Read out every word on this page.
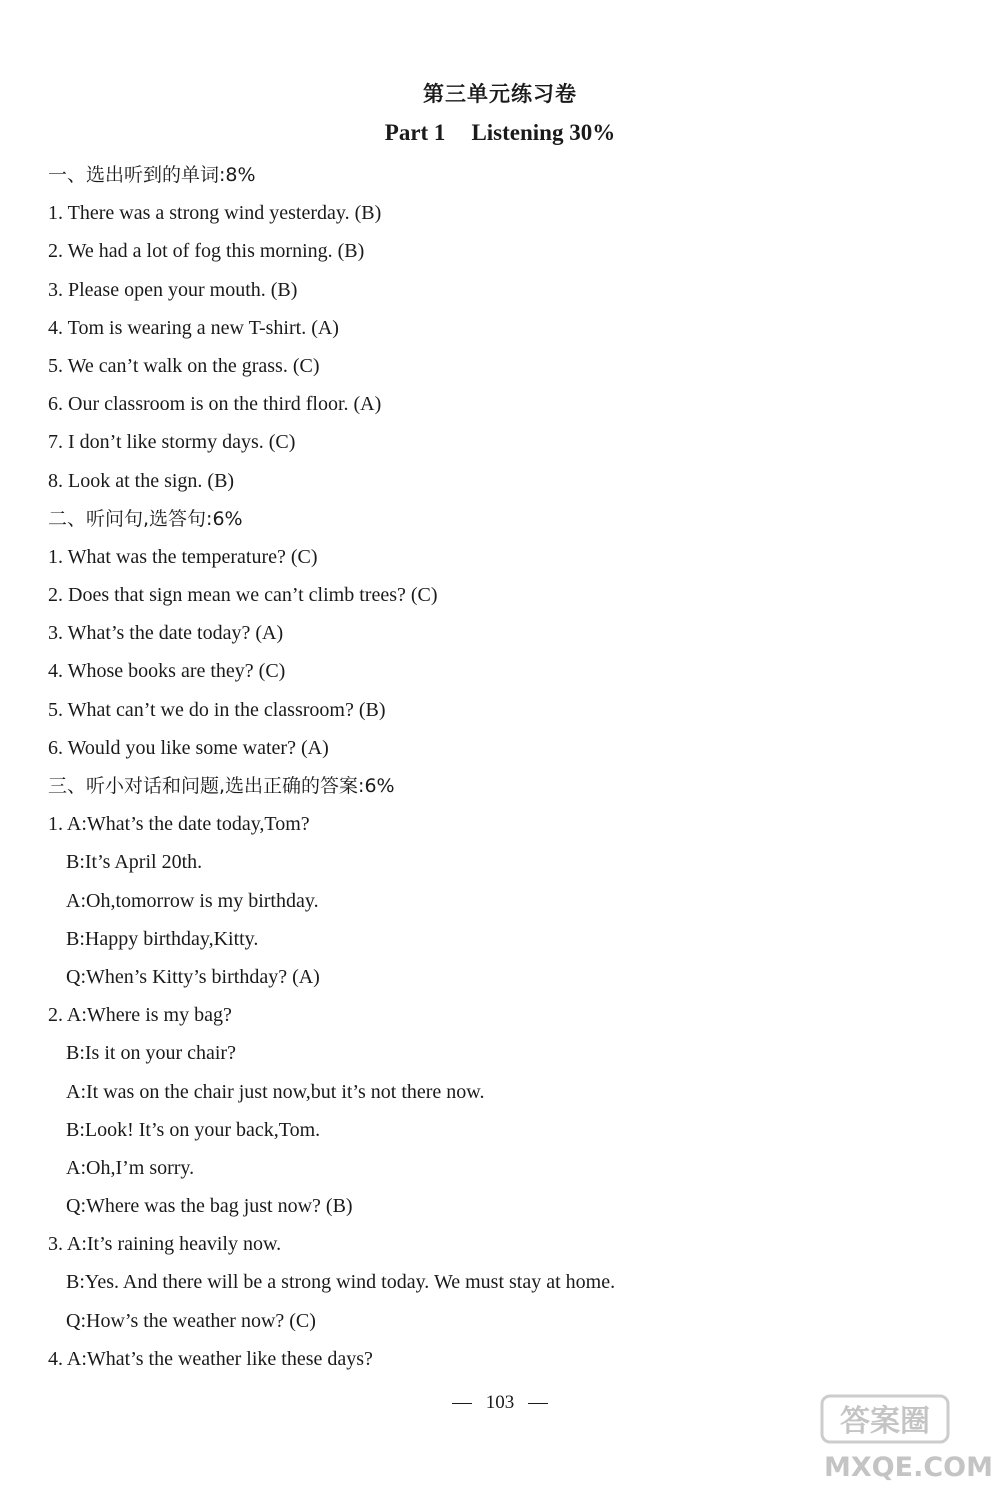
第三单元练习卷
Part 1 Listening 30%
一、选出听到的单词:8%
1. There was a strong wind yesterday. (B)
2. We had a lot of fog this morning. (B)
3. Please open your mouth. (B)
4. Tom is wearing a new T-shirt. (A)
5. We can’t walk on the grass. (C)
6. Our classroom is on the third floor. (A)
7. I don’t like stormy days. (C)
8. Look at the sign. (B)
二、听问句,选答句:6%
1. What was the temperature? (C)
2. Does that sign mean we can’t climb trees? (C)
3. What’s the date today? (A)
4. Whose books are they? (C)
5. What can’t we do in the classroom? (B)
6. Would you like some water? (A)
三、听小对话和问题,选出正确的答案:6%
1. A:What’s the date today,Tom?
B:It’s April 20th.
A:Oh,tomorrow is my birthday.
B:Happy birthday,Kitty.
Q:When’s Kitty’s birthday? (A)
2. A:Where is my bag?
B:Is it on your chair?
A:It was on the chair just now,but it’s not there now.
B:Look! It’s on your back,Tom.
A:Oh,I’m sorry.
Q:Where was the bag just now? (B)
3. A:It’s raining heavily now.
B:Yes. And there will be a strong wind today. We must stay at home.
Q:How’s the weather now? (C)
4. A:What’s the weather like these days?
103
答案圈
MXQE.COM
